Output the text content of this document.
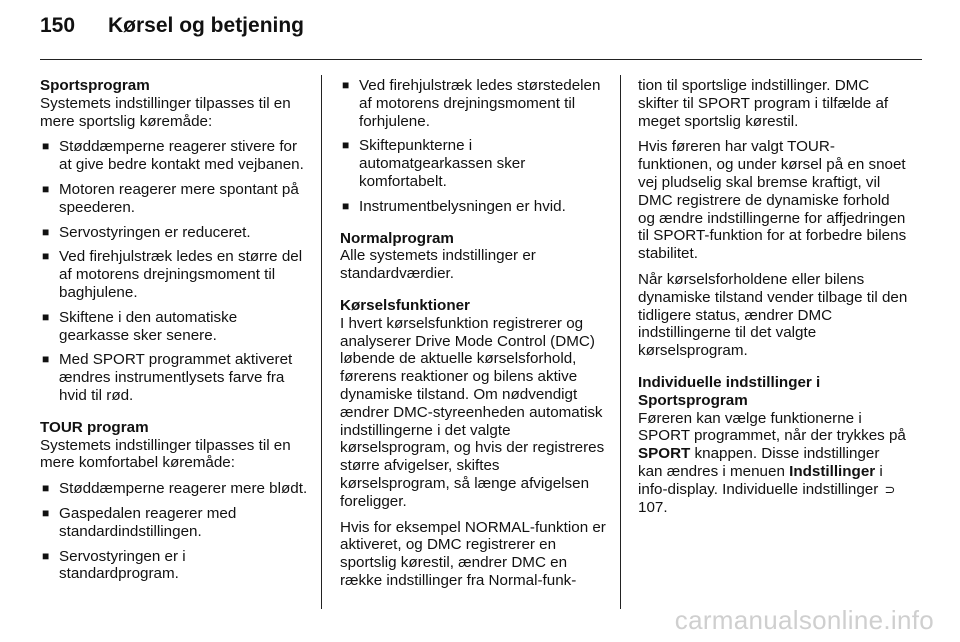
150 Kørsel og betjening
Sportsprogram

Systemets indstillinger tilpasses til en mere sportslig køremåde:

■ Støddæmperne reagerer stivere for at give bedre kontakt med vejbanen.
■ Motoren reagerer mere spontant på speederen.
■ Servostyringen er reduceret.
■ Ved firehjulstræk ledes en større del af motorens drejningsmoment til baghjulene.
■ Skiftene i den automatiske gearkasse sker senere.
■ Med SPORT programmet aktiveret ændres instrumentlysets farve fra hvid til rød.
TOUR program

Systemets indstillinger tilpasses til en mere komfortabel køremåde:

■ Støddæmperne reagerer mere blødt.
■ Gaspedalen reagerer med standardindstillingen.
■ Servostyringen er i standardprogram.
■ Ved firehjulstræk ledes størstedelen af motorens drejningsmoment til forhjulene.
■ Skiftepunkterne i automatgearkassen sker komfortabelt.
■ Instrumentbelysningen er hvid.
Normalprogram

Alle systemets indstillinger er standardværdier.

Kørselsfunktioner

I hvert kørselsfunktion registrerer og analyserer Drive Mode Control (DMC) løbende de aktuelle kørselsforhold, førerens reaktioner og bilens aktive dynamiske tilstand. Om nødvendigt ændrer DMC-styreenheden automatisk indstillingerne i det valgte kørselsprogram, og hvis der registreres større afvigelser, skiftes kørselsprogram, så længe afvigelsen foreligger.

Hvis for eksempel NORMAL-funktion er aktiveret, og DMC registrerer en sportslig kørestil, ændrer DMC en række indstillinger fra Normal-funk-

tion til sportslige indstillinger. DMC skifter til SPORT program i tilfælde af meget sportslig kørestil.

Hvis føreren har valgt TOUR-funktionen, og under kørsel på en snoet vej pludselig skal bremse kraftigt, vil DMC registrere de dynamiske forhold og ændre indstillingerne for affjedringen til SPORT-funktion for at forbedre bilens stabilitet.

Når kørselsforholdene eller bilens dynamiske tilstand vender tilbage til den tidligere status, ændrer DMC indstillingerne til det valgte kørselsprogram.

Individuelle indstillinger i
Sportsprogram

Føreren kan vælge funktionerne i SPORT programmet, når der trykkes på SPORT knappen. Disse indstillinger kan ændres i menuen Indstillinger i info-display. Individuelle indstillinger ⊃107.

carmanualsonline.info
